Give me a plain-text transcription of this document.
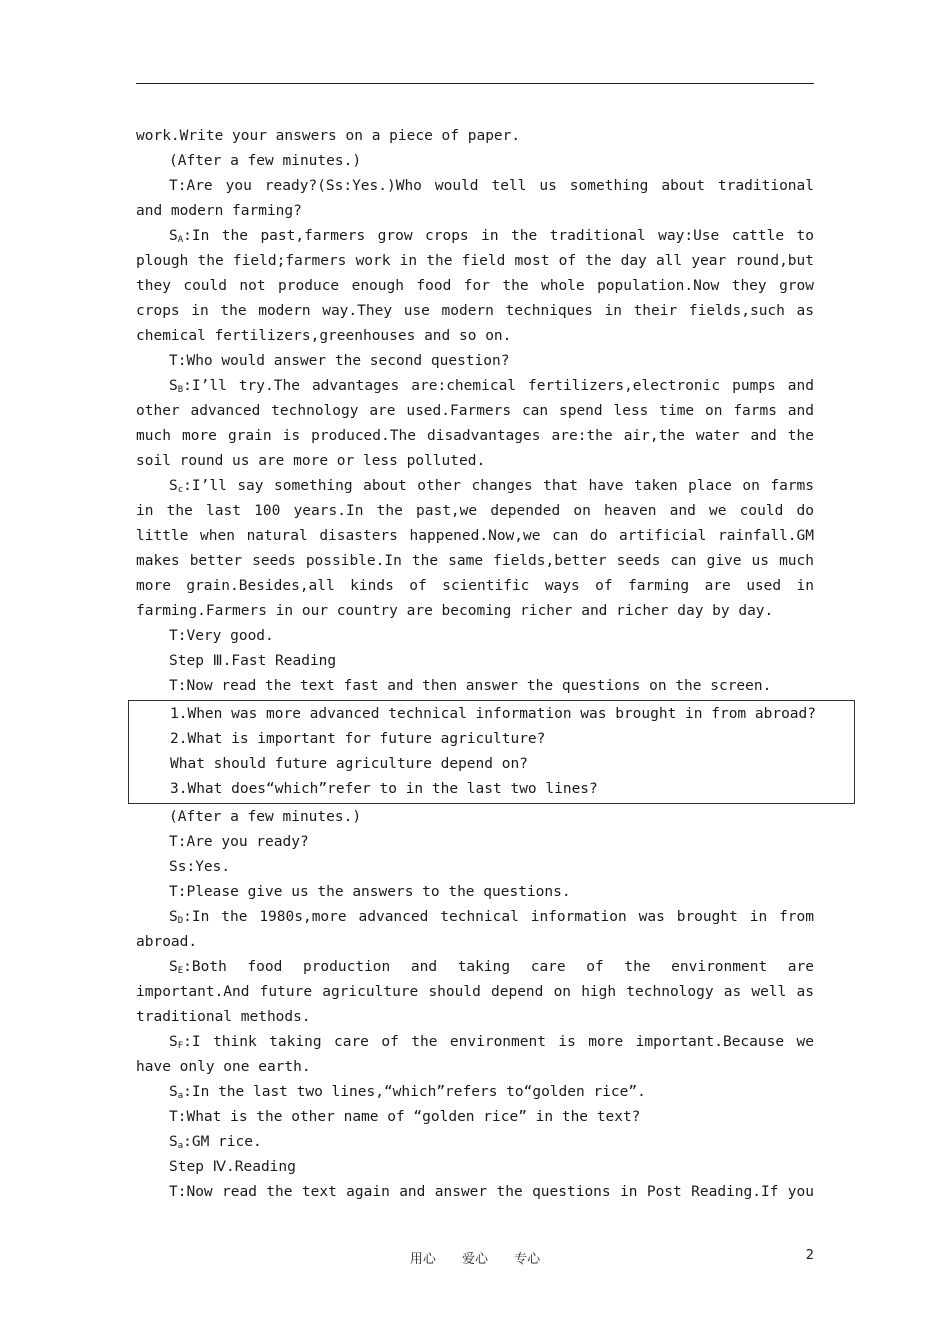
work.Write your answers on a piece of paper.

(After a few minutes.)

T:Are you ready?(Ss:Yes.)Who would tell us something about traditional and modern farming?

$S_A:In$ the past,farmers grow crops in the traditional way:Use cattle to plough the field;farmers work in the field most of the day all year round,but they could not produce enough food for the whole population.Now they grow crops in the modern way.They use modern techniques in their fields,such as chemical fertilizers,greenhouses and so on.

T:Who would answer the second question?

$S_B:I’ll$ try.The advantages are:chemical fertilizers,electronic pumps and other advanced technology are used.Farmers can spend less time on farms and much more grain is produced.The disadvantages are:the air,the water and the soil round us are more or less polluted.

$S_c:I’ll$ say something about other changes that have taken place on farms in the last 100 years.In the past,we depended on heaven and we could do little when natural disasters happened.Now,we can do artificial rainfall.GM makes better seeds possible.In the same fields,better seeds can give us much more grain.Besides,all kinds of scientific ways of farming are used in farming.Farmers in our country are becoming richer and richer day by day.

T:Very good.

Step Ⅲ.Fast Reading

T:Now read the text fast and then answer the questions on the screen.

1.When was more advanced technical information was brought in from abroad?

2.What is important for future agriculture?

What should future agriculture depend on?

3.What does“which”refer to in the last two lines?

(After a few minutes.)

T:Are you ready?

Ss:Yes.

T:Please give us the answers to the questions.

$S_D:In$ the 1980s,more advanced technical information was brought in from abroad.

$S_E:Both$ food production and taking care of the environment are important.And future agriculture should depend on high technology as well as traditional methods.

$S_F:I$ think taking care of the environment is more important.Because we have only one earth.

$S_a:In$ the last two lines,“which”refers to“golden rice”.

T:What is the other name of “golden rice” in the text?

$S_a:GM$ rice.

Step Ⅳ.Reading

T:Now read the text again and answer the questions in Post Reading.If you

用心 爱心 专心	2
